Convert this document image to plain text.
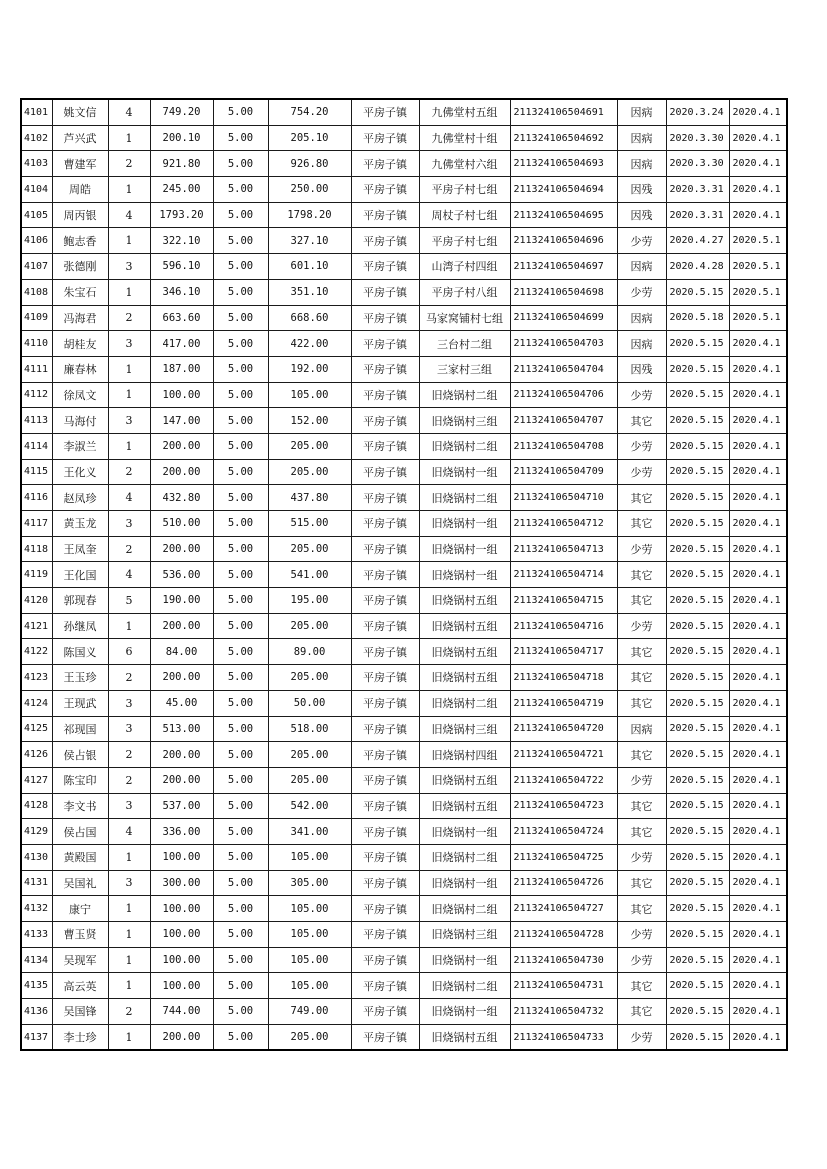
4101	姚文信	4	749.20	5.00	754.20	平房子镇	九佛堂村五组	211324106504691	因病	2020.3.24	2020.4.1
4102	芦兴武	1	200.10	5.00	205.10	平房子镇	九佛堂村十组	211324106504692	因病	2020.3.30	2020.4.1
4103	曹建军	2	921.80	5.00	926.80	平房子镇	九佛堂村六组	211324106504693	因病	2020.3.30	2020.4.1
4104	周皓	1	245.00	5.00	250.00	平房子镇	平房子村七组	211324106504694	因残	2020.3.31	2020.4.1
4105	周丙银	4	1793.20	5.00	1798.20	平房子镇	周杖子村七组	211324106504695	因残	2020.3.31	2020.4.1
4106	鲍志香	1	322.10	5.00	327.10	平房子镇	平房子村七组	211324106504696	少劳	2020.4.27	2020.5.1
4107	张德刚	3	596.10	5.00	601.10	平房子镇	山湾子村四组	211324106504697	因病	2020.4.28	2020.5.1
4108	朱宝石	1	346.10	5.00	351.10	平房子镇	平房子村八组	211324106504698	少劳	2020.5.15	2020.5.1
4109	冯海君	2	663.60	5.00	668.60	平房子镇	马家窝铺村七组	211324106504699	因病	2020.5.18	2020.5.1
4110	胡桂友	3	417.00	5.00	422.00	平房子镇	三台村二组	211324106504703	因病	2020.5.15	2020.4.1
4111	廉春林	1	187.00	5.00	192.00	平房子镇	三家村三组	211324106504704	因残	2020.5.15	2020.4.1
4112	徐凤文	1	100.00	5.00	105.00	平房子镇	旧烧锅村二组	211324106504706	少劳	2020.5.15	2020.4.1
4113	马海付	3	147.00	5.00	152.00	平房子镇	旧烧锅村三组	211324106504707	其它	2020.5.15	2020.4.1
4114	李淑兰	1	200.00	5.00	205.00	平房子镇	旧烧锅村二组	211324106504708	少劳	2020.5.15	2020.4.1
4115	王化义	2	200.00	5.00	205.00	平房子镇	旧烧锅村一组	211324106504709	少劳	2020.5.15	2020.4.1
4116	赵凤珍	4	432.80	5.00	437.80	平房子镇	旧烧锅村二组	211324106504710	其它	2020.5.15	2020.4.1
4117	黄玉龙	3	510.00	5.00	515.00	平房子镇	旧烧锅村一组	211324106504712	其它	2020.5.15	2020.4.1
4118	王凤奎	2	200.00	5.00	205.00	平房子镇	旧烧锅村一组	211324106504713	少劳	2020.5.15	2020.4.1
4119	王化国	4	536.00	5.00	541.00	平房子镇	旧烧锅村一组	211324106504714	其它	2020.5.15	2020.4.1
4120	郭现春	5	190.00	5.00	195.00	平房子镇	旧烧锅村五组	211324106504715	其它	2020.5.15	2020.4.1
4121	孙继凤	1	200.00	5.00	205.00	平房子镇	旧烧锅村五组	211324106504716	少劳	2020.5.15	2020.4.1
4122	陈国义	6	84.00	5.00	89.00	平房子镇	旧烧锅村五组	211324106504717	其它	2020.5.15	2020.4.1
4123	王玉珍	2	200.00	5.00	205.00	平房子镇	旧烧锅村五组	211324106504718	其它	2020.5.15	2020.4.1
4124	王现武	3	45.00	5.00	50.00	平房子镇	旧烧锅村二组	211324106504719	其它	2020.5.15	2020.4.1
4125	祁现国	3	513.00	5.00	518.00	平房子镇	旧烧锅村三组	211324106504720	因病	2020.5.15	2020.4.1
4126	侯占银	2	200.00	5.00	205.00	平房子镇	旧烧锅村四组	211324106504721	其它	2020.5.15	2020.4.1
4127	陈宝印	2	200.00	5.00	205.00	平房子镇	旧烧锅村五组	211324106504722	少劳	2020.5.15	2020.4.1
4128	李文书	3	537.00	5.00	542.00	平房子镇	旧烧锅村五组	211324106504723	其它	2020.5.15	2020.4.1
4129	侯占国	4	336.00	5.00	341.00	平房子镇	旧烧锅村一组	211324106504724	其它	2020.5.15	2020.4.1
4130	黄殿国	1	100.00	5.00	105.00	平房子镇	旧烧锅村二组	211324106504725	少劳	2020.5.15	2020.4.1
4131	吴国礼	3	300.00	5.00	305.00	平房子镇	旧烧锅村一组	211324106504726	其它	2020.5.15	2020.4.1
4132	康宁	1	100.00	5.00	105.00	平房子镇	旧烧锅村二组	211324106504727	其它	2020.5.15	2020.4.1
4133	曹玉贤	1	100.00	5.00	105.00	平房子镇	旧烧锅村三组	211324106504728	少劳	2020.5.15	2020.4.1
4134	吴现军	1	100.00	5.00	105.00	平房子镇	旧烧锅村一组	211324106504730	少劳	2020.5.15	2020.4.1
4135	高云英	1	100.00	5.00	105.00	平房子镇	旧烧锅村二组	211324106504731	其它	2020.5.15	2020.4.1
4136	吴国锋	2	744.00	5.00	749.00	平房子镇	旧烧锅村一组	211324106504732	其它	2020.5.15	2020.4.1
4137	李士珍	1	200.00	5.00	205.00	平房子镇	旧烧锅村五组	211324106504733	少劳	2020.5.15	2020.4.1
